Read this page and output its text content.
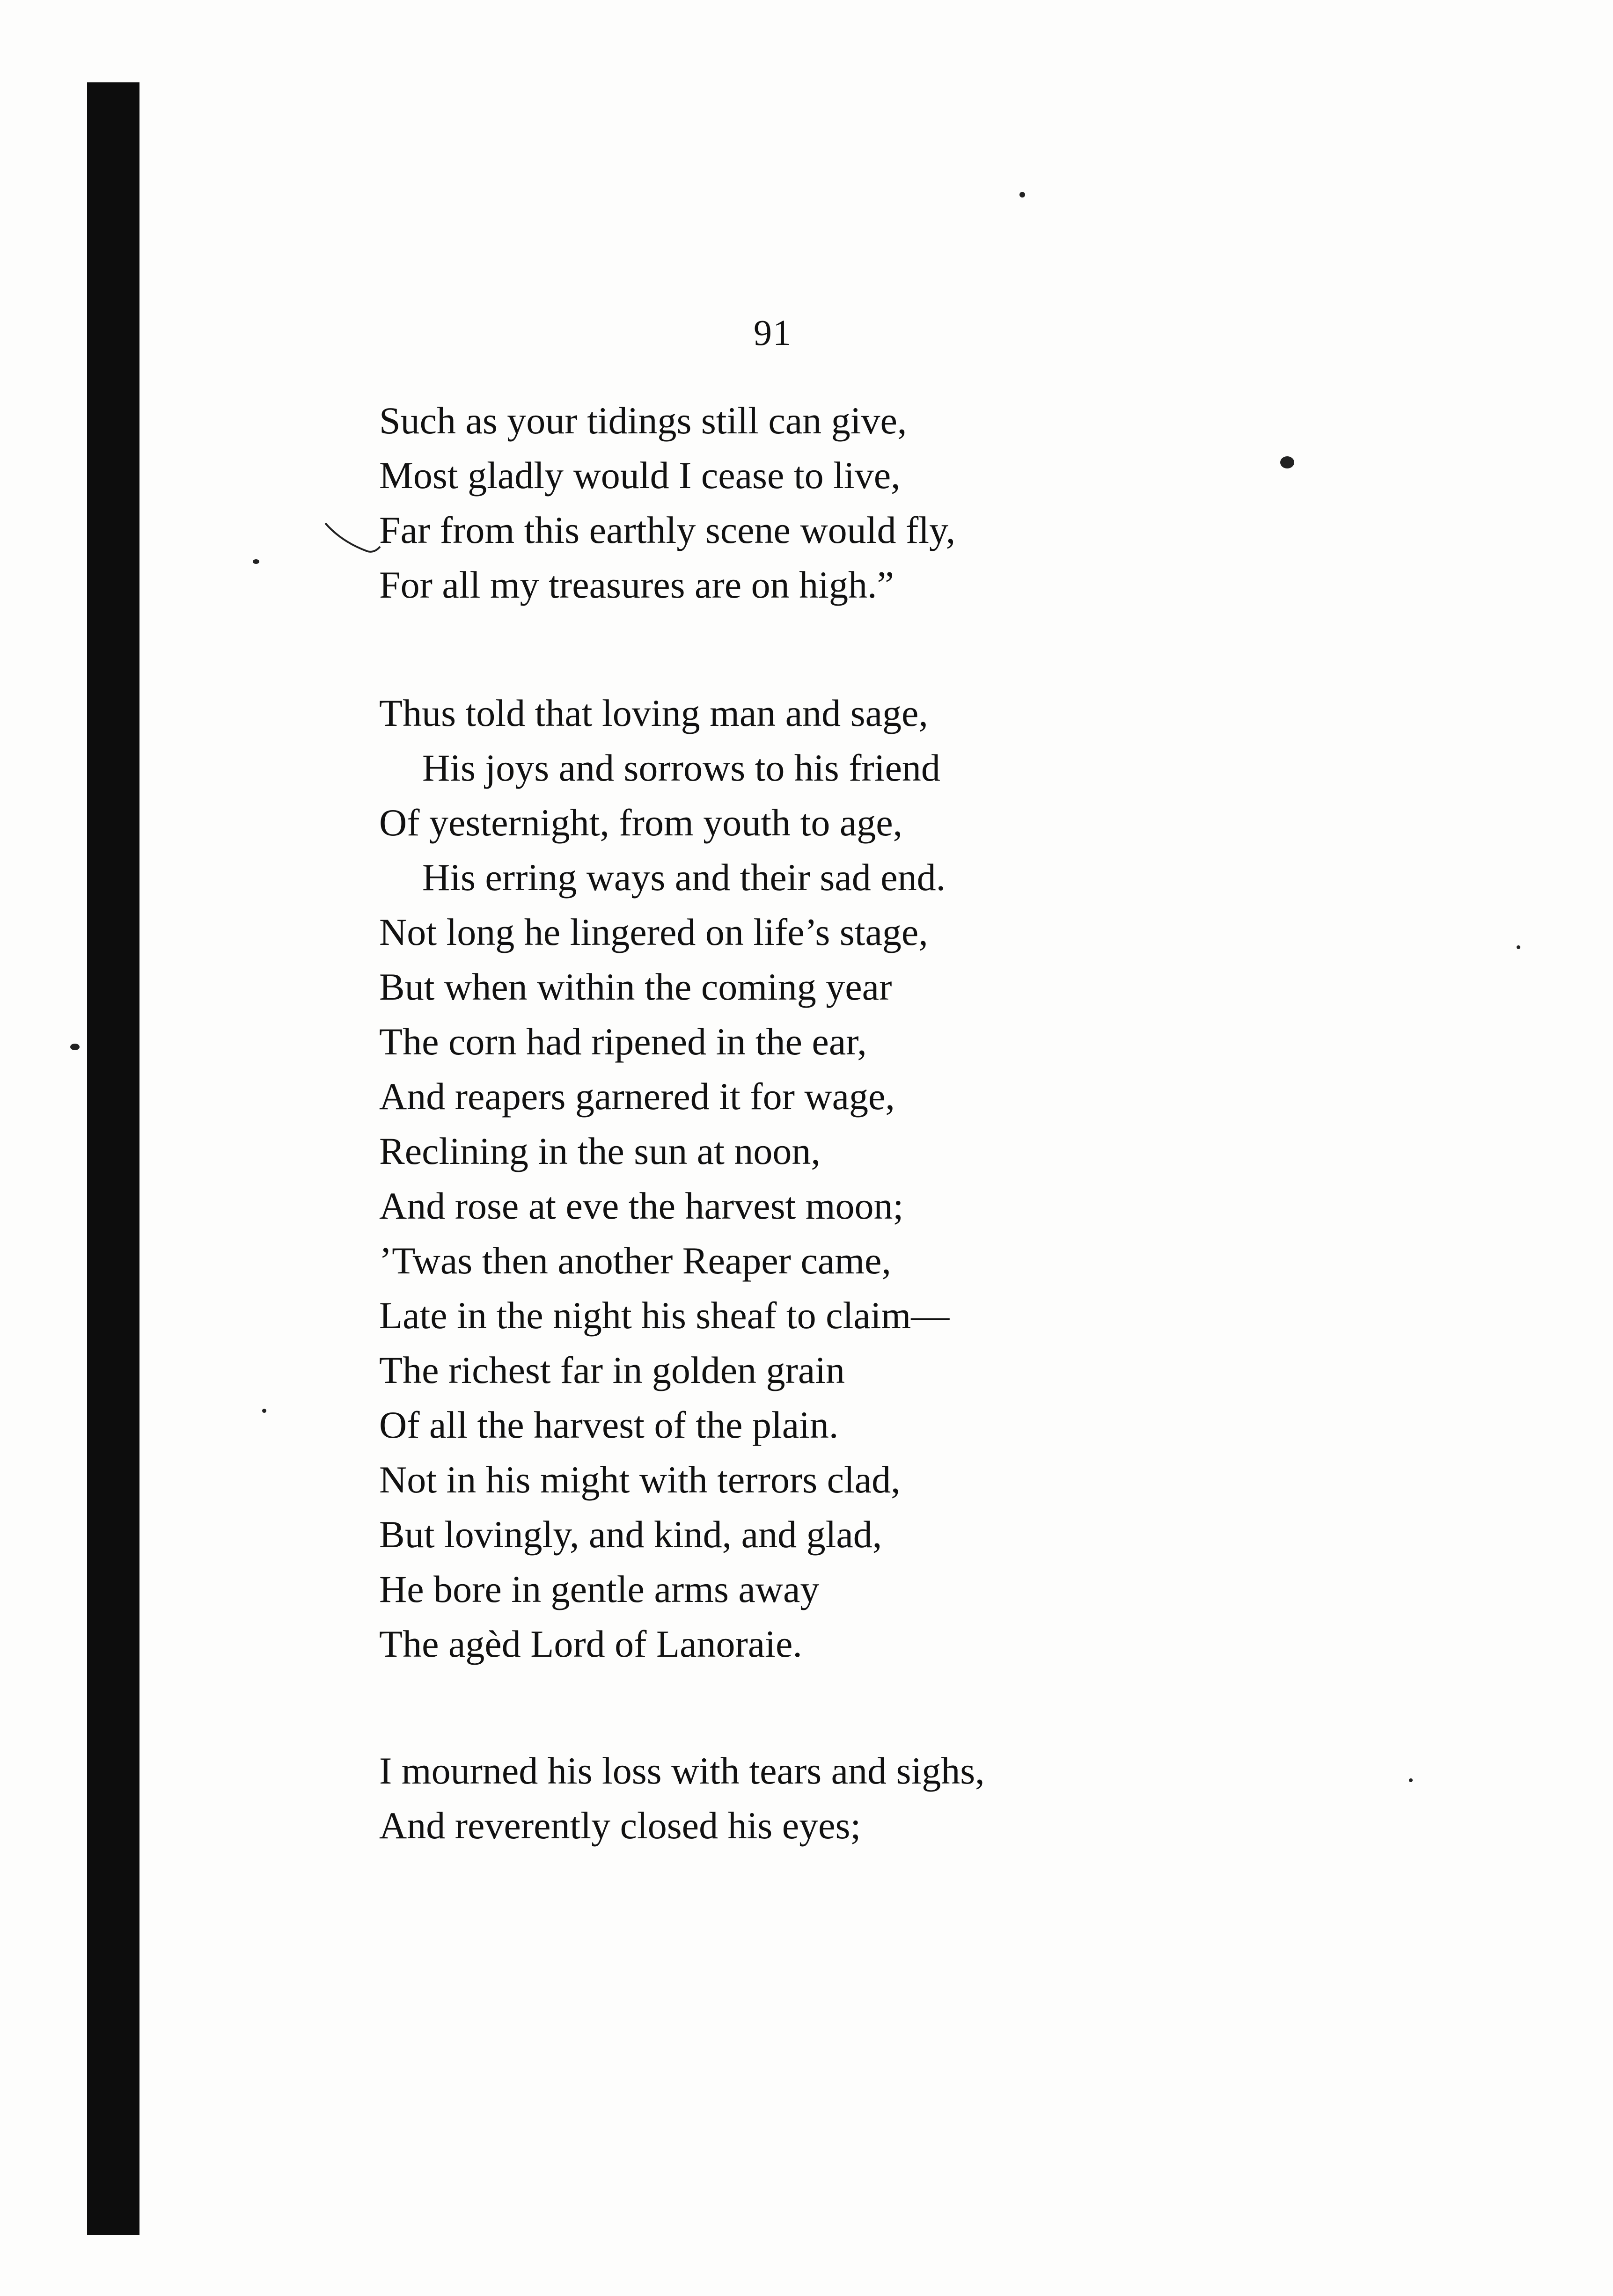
91
Such as your tidings still can give,
Most gladly would I cease to live,
Far from this earthly scene would fly,
For all my treasures are on high.”
Thus told that loving man and sage,
His joys and sorrows to his friend
Of yesternight, from youth to age,
His erring ways and their sad end.
Not long he lingered on life’s stage,
But when within the coming year
The corn had ripened in the ear,
And reapers garnered it for wage,
Reclining in the sun at noon,
And rose at eve the harvest moon;
’Twas then another Reaper came,
Late in the night his sheaf to claim—
The richest far in golden grain
Of all the harvest of the plain.
Not in his might with terrors clad,
But lovingly, and kind, and glad,
He bore in gentle arms away
The agèd Lord of Lanoraie.
I mourned his loss with tears and sighs,
And reverently closed his eyes;
